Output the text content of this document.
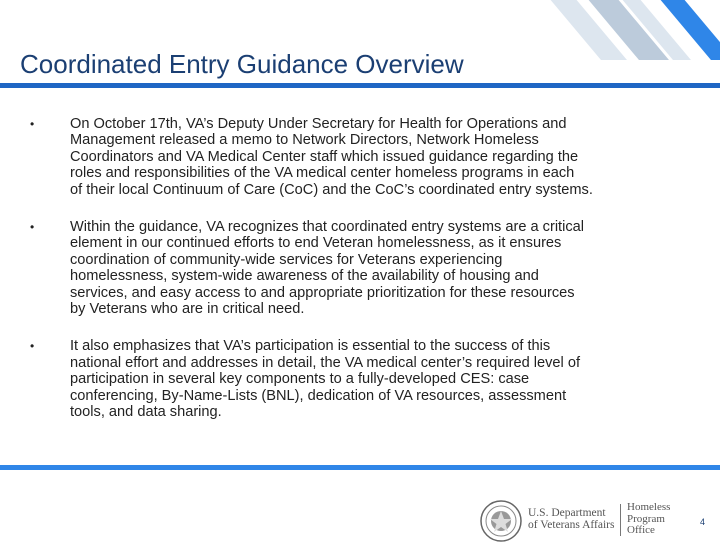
Coordinated Entry Guidance Overview
• On October 17th, VA’s Deputy Under Secretary for Health for Operations and
Management released a memo to Network Directors, Network Homeless
Coordinators and VA Medical Center staff which issued guidance regarding the
roles and responsibilities of the VA medical center homeless programs in each
of their local Continuum of Care (CoC) and the CoC’s coordinated entry systems.
• Within the guidance, VA recognizes that coordinated entry systems are a critical
element in our continued efforts to end Veteran homelessness, as it ensures
coordination of community-wide services for Veterans experiencing
homelessness, system-wide awareness of the availability of housing and
services, and easy access to and appropriate prioritization for these resources
by Veterans who are in critical need.
• It also emphasizes that VA’s participation is essential to the success of this
national effort and addresses in detail, the VA medical center’s required level of
participation in several key components to a fully-developed CES: case
conferencing, By-Name-Lists (BNL), dedication of VA resources, assessment
tools, and data sharing.
U.S. Department
of Veterans Affairs
Homeless
Program
Office
4
